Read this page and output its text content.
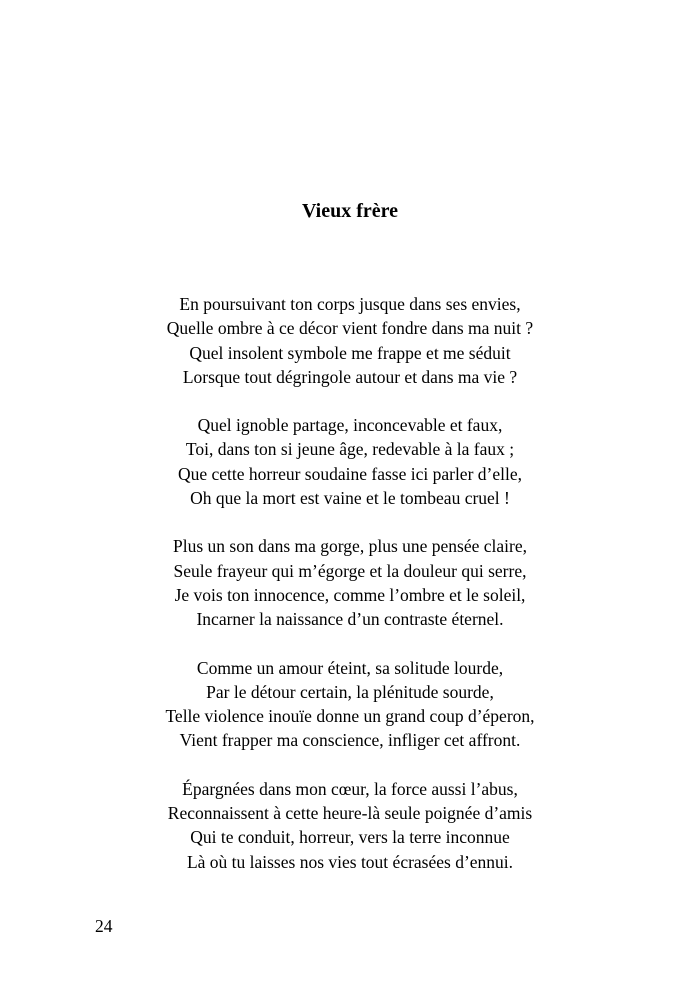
Vieux frère
En poursuivant ton corps jusque dans ses envies,
Quelle ombre à ce décor vient fondre dans ma nuit ?
Quel insolent symbole me frappe et me séduit
Lorsque tout dégringole autour et dans ma vie ?
Quel ignoble partage, inconcevable et faux,
Toi, dans ton si jeune âge, redevable à la faux ;
Que cette horreur soudaine fasse ici parler d’elle,
Oh que la mort est vaine et le tombeau cruel !
Plus un son dans ma gorge, plus une pensée claire,
Seule frayeur qui m’égorge et la douleur qui serre,
Je vois ton innocence, comme l’ombre et le soleil,
Incarner la naissance d’un contraste éternel.
Comme un amour éteint, sa solitude lourde,
Par le détour certain, la plénitude sourde,
Telle violence inouïe donne un grand coup d’éperon,
Vient frapper ma conscience, infliger cet affront.
Épargnées dans mon cœur, la force aussi l’abus,
Reconnaissent à cette heure-là seule poignée d’amis
Qui te conduit, horreur, vers la terre inconnue
Là où tu laisses nos vies tout écrasées d’ennui.
24
